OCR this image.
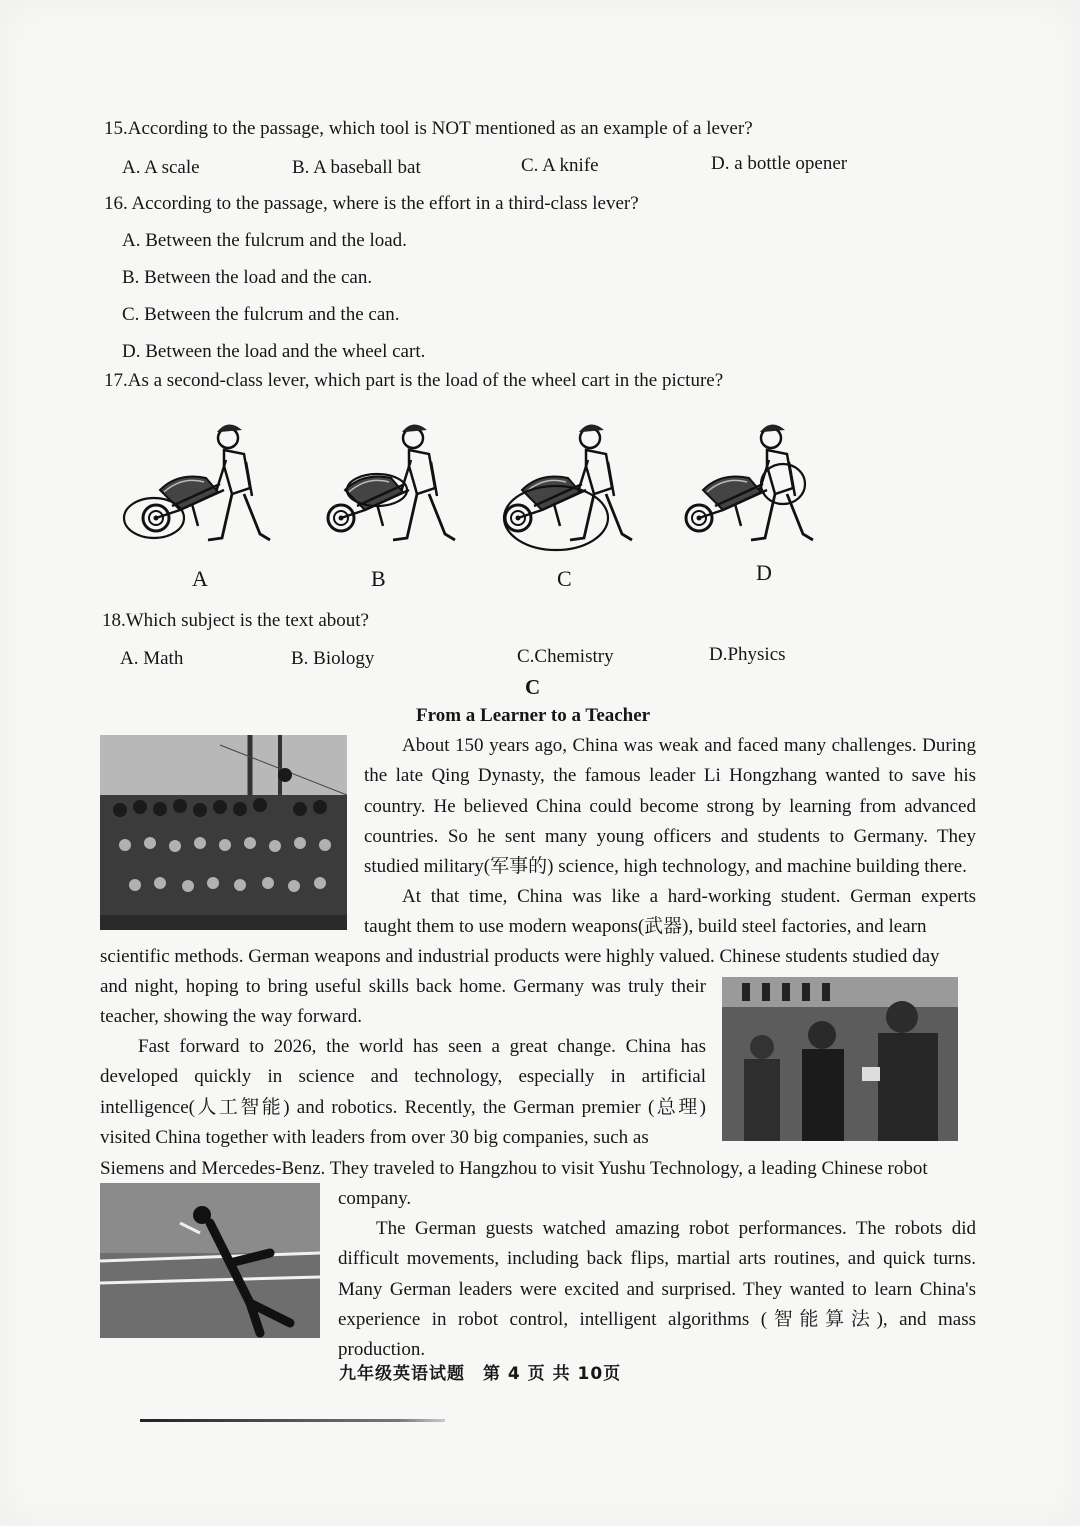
15.According to the passage, which tool is NOT mentioned as an example of a lever?
A. A scale	B. A baseball bat	C. A knife	D. a bottle opener
16. According to the passage, where is the effort in a third-class lever?
A. Between the fulcrum and the load.
B. Between the load and the can.
C. Between the fulcrum and the can.
D. Between the load and the wheel cart.
17.As a second-class lever, which part is the load of the wheel cart in the picture?
A	B	C	D
18.Which subject is the text about?
A. Math	B. Biology	C.Chemistry	D.Physics
C
From a Learner to a Teacher

About 150 years ago, China was weak and faced many challenges. During the late Qing Dynasty, the famous leader Li Hongzhang wanted to save his country. He believed China could become strong by learning from advanced countries. So he sent many young officers and students to Germany. They studied military(军事的) science, high technology, and machine building there.

At that time, China was like a hard-working student. German experts taught them to use modern weapons(武器), build steel factories, and learn

scientific methods. German weapons and industrial products were highly valued. Chinese students studied day

and night, hoping to bring useful skills back home. Germany was truly their teacher, showing the way forward.

Fast forward to 2026, the world has seen a great change. China has developed quickly in science and technology, especially in artificial intelligence(人工智能) and robotics. Recently, the German premier (总理) visited China together with leaders from over 30 big companies, such as

Siemens and Mercedes-Benz. They traveled to Hangzhou to visit Yushu Technology, a leading Chinese robot

company.

The German guests watched amazing robot performances. The robots did difficult movements, including back flips, martial arts routines, and quick turns. Many German leaders were excited and surprised. They wanted to learn China's experience in robot control, intelligent algorithms (智能算法), and mass production.

九年级英语试题　第 4 页 共 10页
